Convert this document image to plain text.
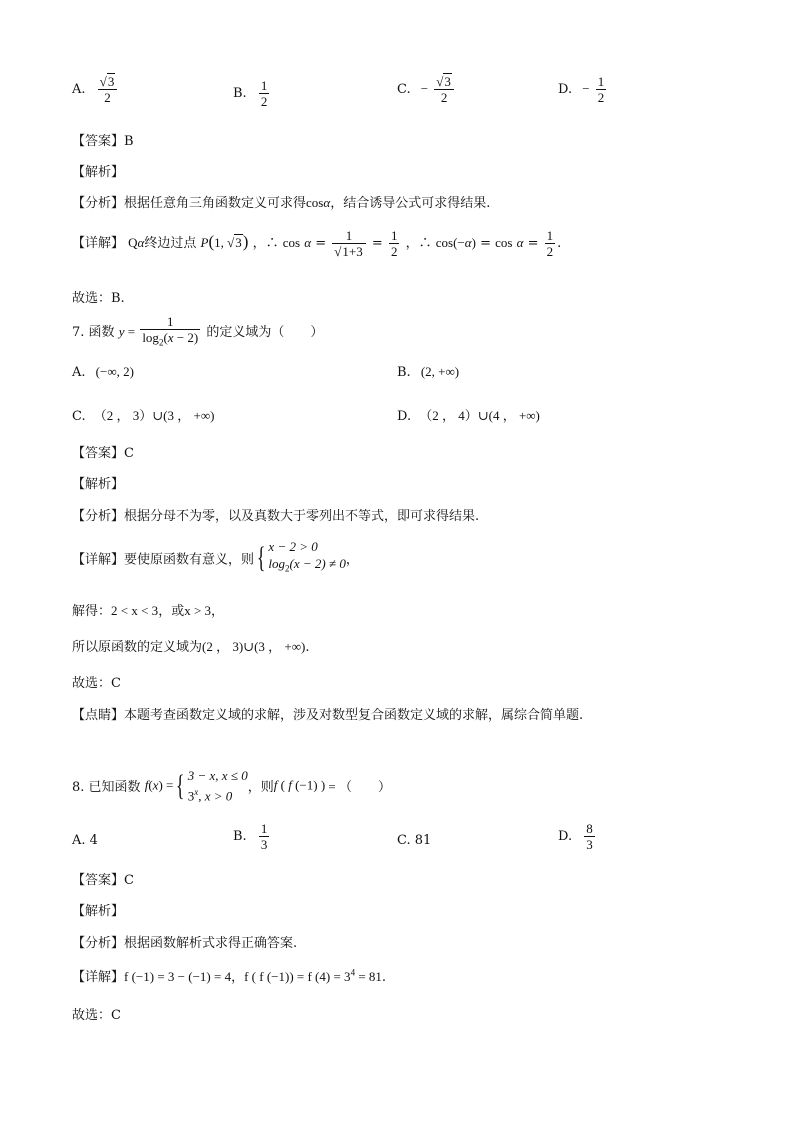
A. $\frac{√3}{2}$	B. $\frac{1}{2}$	C. − $\frac{√3}{2}$	D. − $\frac{1}{2}$
【答案】B
【解析】
【分析】根据任意角三角函数定义可求得cosα，结合诱导公式可求得结果.
【详解】 Qα终边过点 P(1, √3) ，∴ $\cos \alpha = \frac{1}{√1+3} = \frac{1}{2}$ ，∴ $\cos(-\alpha) = \cos \alpha = \frac{1}{2}$ .
故选：B.
7. 函数 $y = \frac{1}{\log_2(x - 2)}$ 的定义域为（　　）
A. (−∞, 2)	B. (2, +∞)
C. （2 ， 3）∪(3 ， +∞)	D. （2 ， 4）∪(4 ， +∞)
【答案】C
【解析】
【分析】根据分母不为零，以及真数大于零列出不等式，即可求得结果.
【详解】要使原函数有意义，则{ x − 2 > 0
$\log_2(x - 2) \ne 0$ ，
解得：2 < x < 3，或x > 3，
所以原函数的定义域为(2 ， 3)∪(3 ， +∞).
故选：C
【点睛】本题考查函数定义域的求解，涉及对数型复合函数定义域的求解，属综合简单题.
8. 已知函数 f(x) ={ 3 − x, x ≤ 0
3$^x$, x > 0
，则f ( f (−1) ) = （　　）
A. 4	B. $\frac{1}{3}$	C. 81	D. $\frac{8}{3}$
【答案】C
【解析】
【分析】根据函数解析式求得正确答案.
【详解】f (−1) = 3 − (−1) = 4，f ( f (−1)) = f $(4) = 3^4 = 81$.
故选：C
